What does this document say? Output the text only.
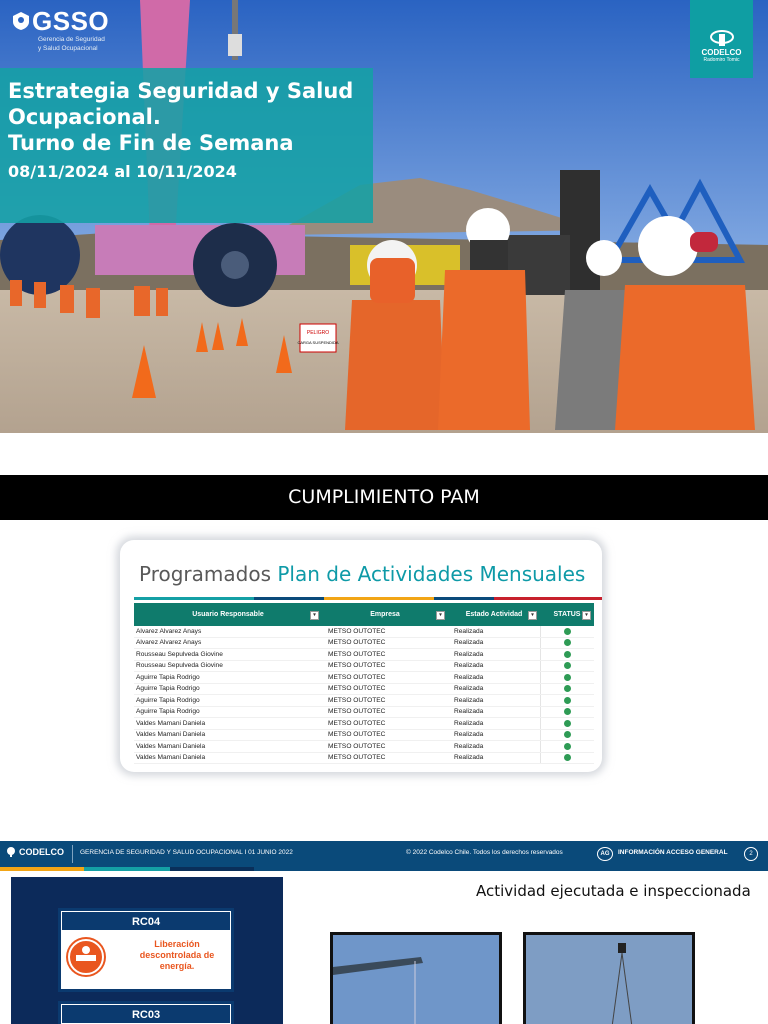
PELIGRO
CARGA SUSPENDIDA
GSSO
Gerencia de Seguridad
y Salud Ocupacional	CODELCO
Radomiro Tomic
Estrategia Seguridad y Salud
Ocupacional.
Turno de Fin de Semana
08/11/2024 al 10/11/2024
CUMPLIMIENTO PAM
Programados Plan de Actividades Mensuales
Usuario Responsable	▾	Empresa	▾	Estado Actividad	▾	STATUS ▾
Alvarez Alvarez Anays	METSO OUTOTEC	Realizada
Alvarez Alvarez Anays	METSO OUTOTEC	Realizada
Rousseau Sepulveda Giovine	METSO OUTOTEC	Realizada
Rousseau Sepulveda Giovine	METSO OUTOTEC	Realizada
Aguirre Tapia Rodrigo	METSO OUTOTEC	Realizada
Aguirre Tapia Rodrigo	METSO OUTOTEC	Realizada
Aguirre Tapia Rodrigo	METSO OUTOTEC	Realizada
Aguirre Tapia Rodrigo	METSO OUTOTEC	Realizada
Valdes Mamani Daniela	METSO OUTOTEC	Realizada
Valdes Mamani Daniela	METSO OUTOTEC	Realizada
Valdes Mamani Daniela	METSO OUTOTEC	Realizada
Valdes Mamani Daniela	METSO OUTOTEC	Realizada
CODELCO GERENCIA DE SEGURIDAD Y SALUD OCUPACIONAL I 01 JUNIO 2022	© 2022 Codelco Chile. Todos los derechos reservados	AG	INFORMACIÓN ACCESO GENERAL	2
RC04
Liberación descontrolada de energía.
RC03
Actividad ejecutada e inspeccionada
